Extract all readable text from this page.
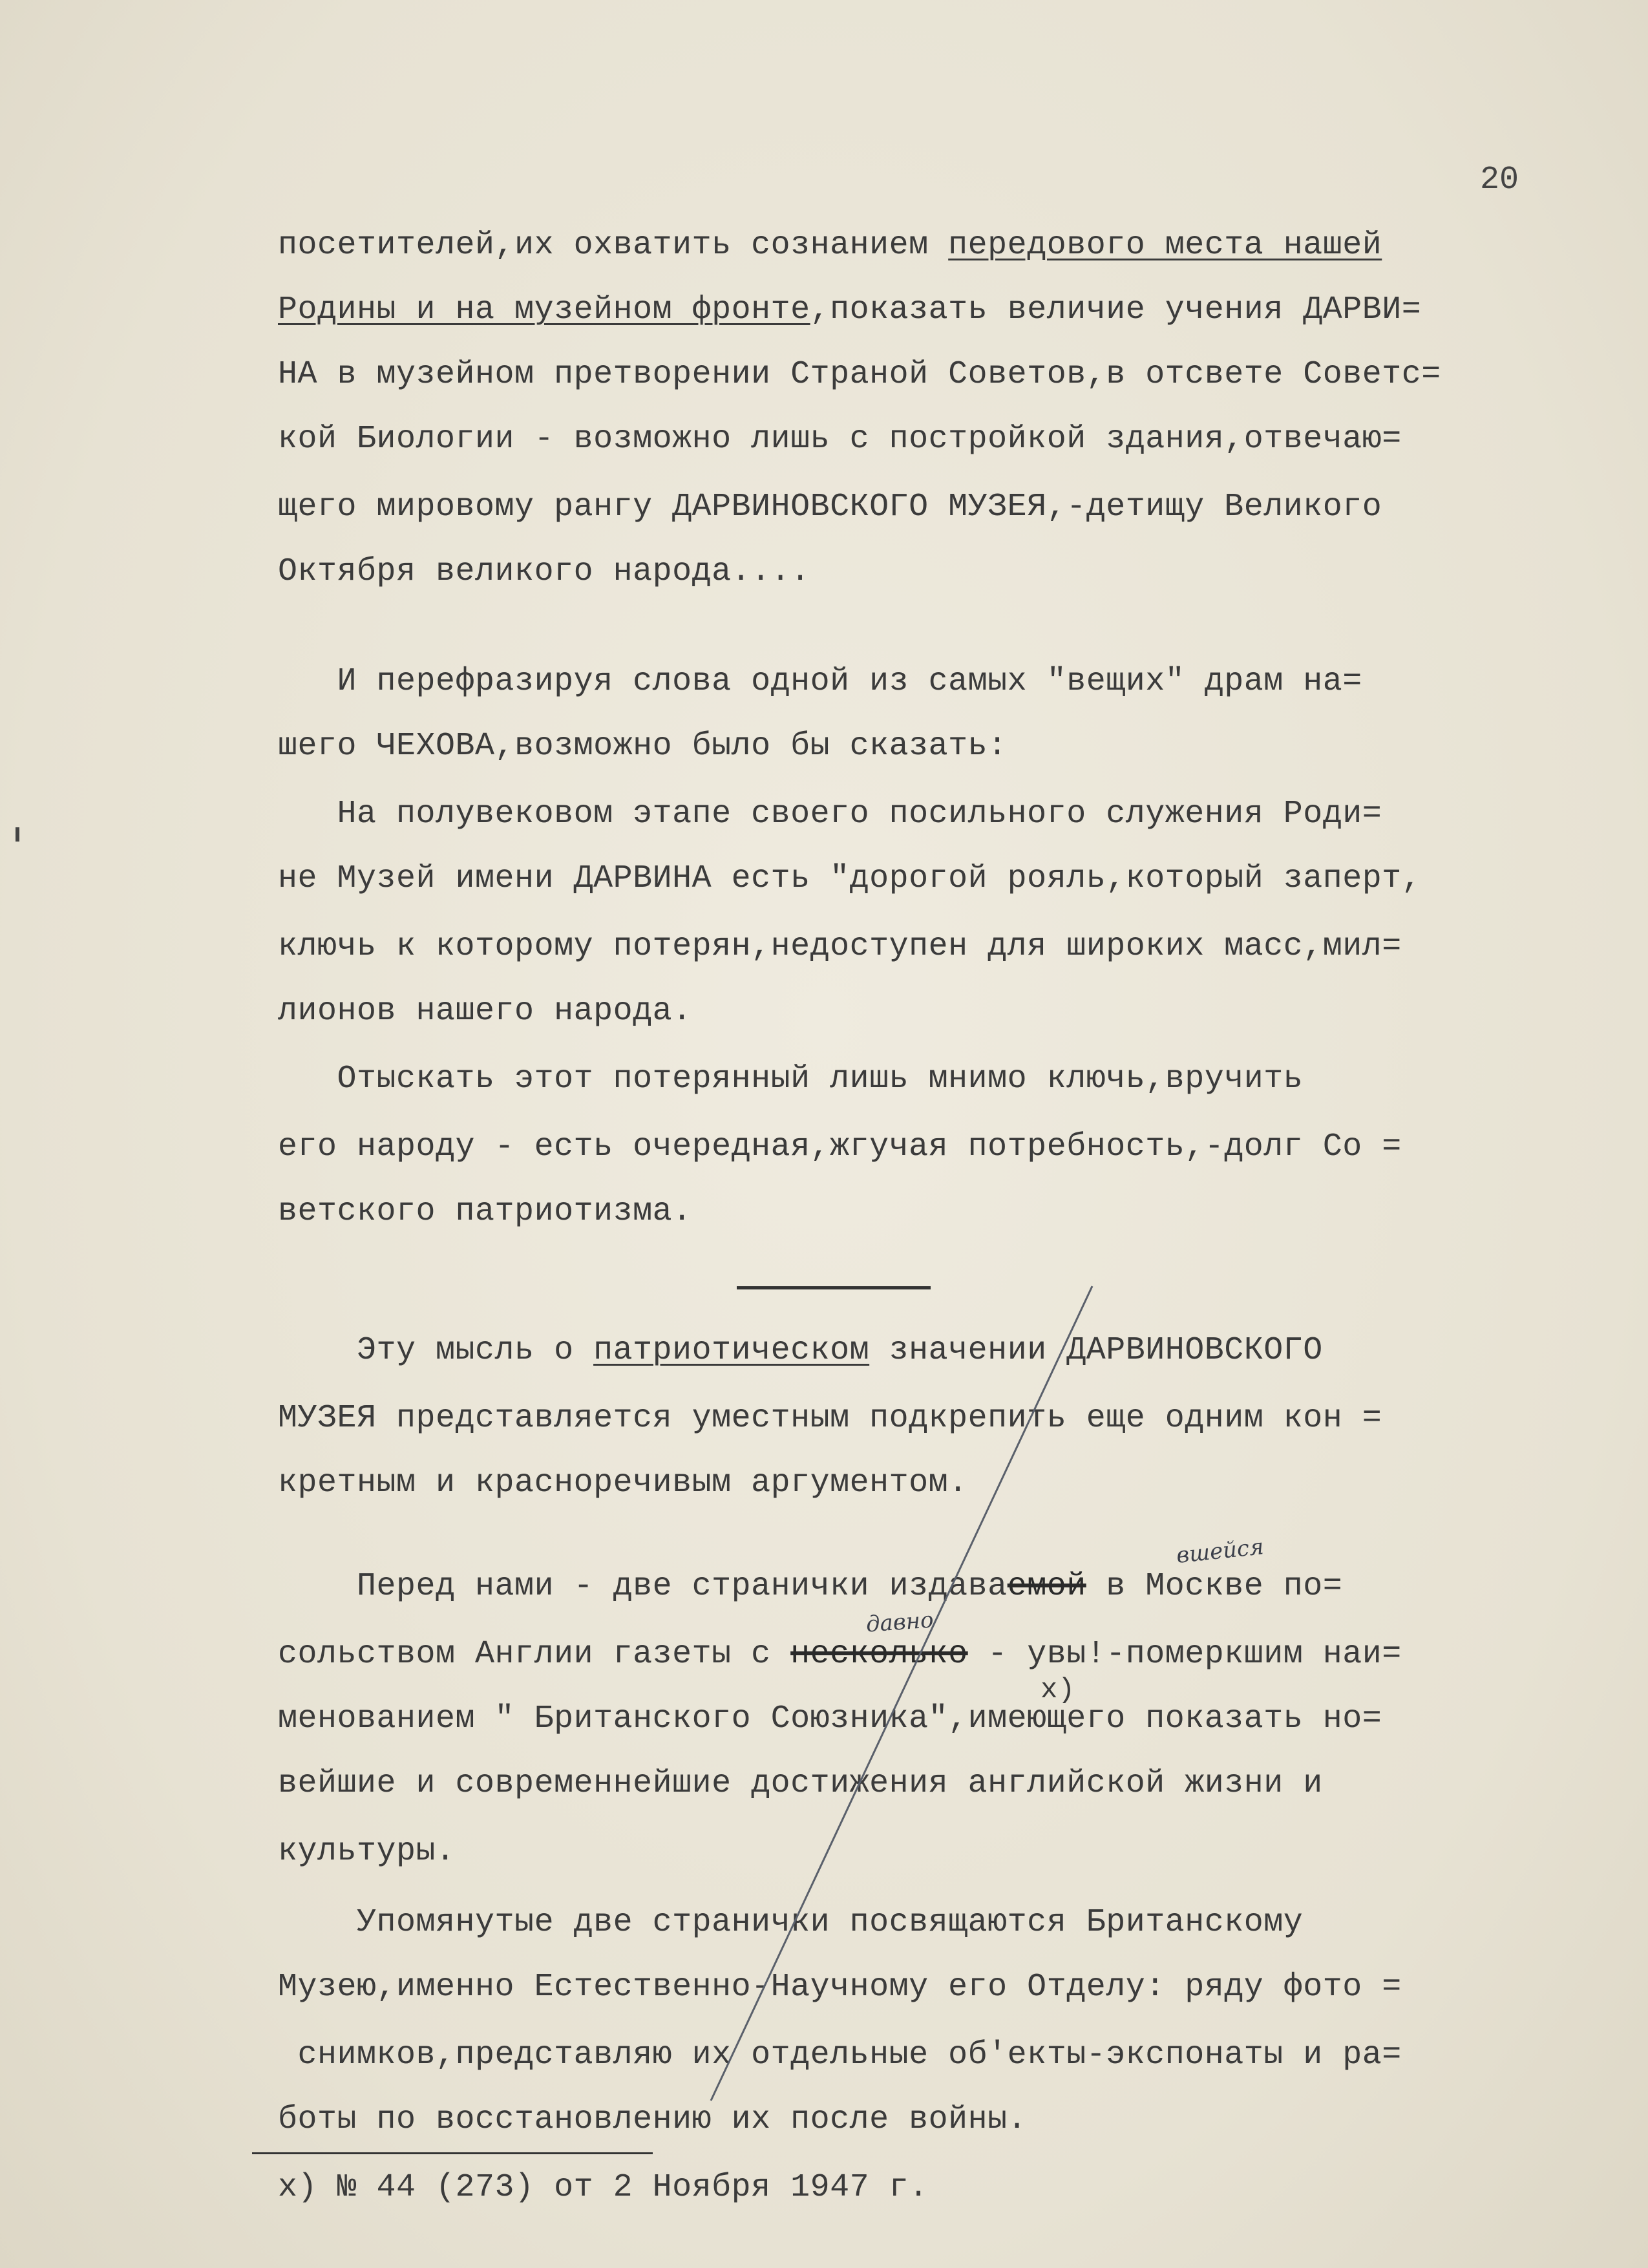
20
посетителей,их охватить сознанием передового места нашей
Родины и на музейном фронте,показать величие учения ДАРВИ=
НА в музейном претворении Страной Советов,в отсвете Советс=
кой Биологии - возможно лишь с постройкой здания,отвечаю=
щего мировому рангу ДАРВИНОВСКОГО МУЗЕЯ,-детищу Великого
Октября великого народа....
И перефразируя слова одной из самых "вещих" драм на=
шего ЧЕХОВА,возможно было бы сказать:
На полувековом этапе своего посильного служения Роди=
не Музей имени ДАРВИНА есть "дорогой рояль,который заперт,
ключь к которому потерян,недоступен для широких масс,мил=
лионов нашего народа.
Отыскать этот потерянный лишь мнимо ключь,вручить
его народу - есть очередная,жгучая потребность,-долг Со =
ветского патриотизма.
Эту мысль о патриотическом значении ДАРВИНОВСКОГО
МУЗЕЯ представляется уместным подкрепить еще одним кон =
кретным и красноречивым аргументом.
вшейся
Перед нами - две странички издаваемой в Москве по=
давно
сольством Англии газеты с несколько - увы!-померкшим наи=
х)
менованием " Британского Союзника",имеющего показать но=
вейшие и современнейшие достижения английской жизни и
культуры.
Упомянутые две странички посвящаются Британскому
Музею,именно Естественно-Научному его Отделу: ряду фото =
снимков,представляю их отдельные об'екты-экспонаты и ра=
боты по восстановлению их после войны.
х) № 44 (273) от 2 Ноября 1947 г.
